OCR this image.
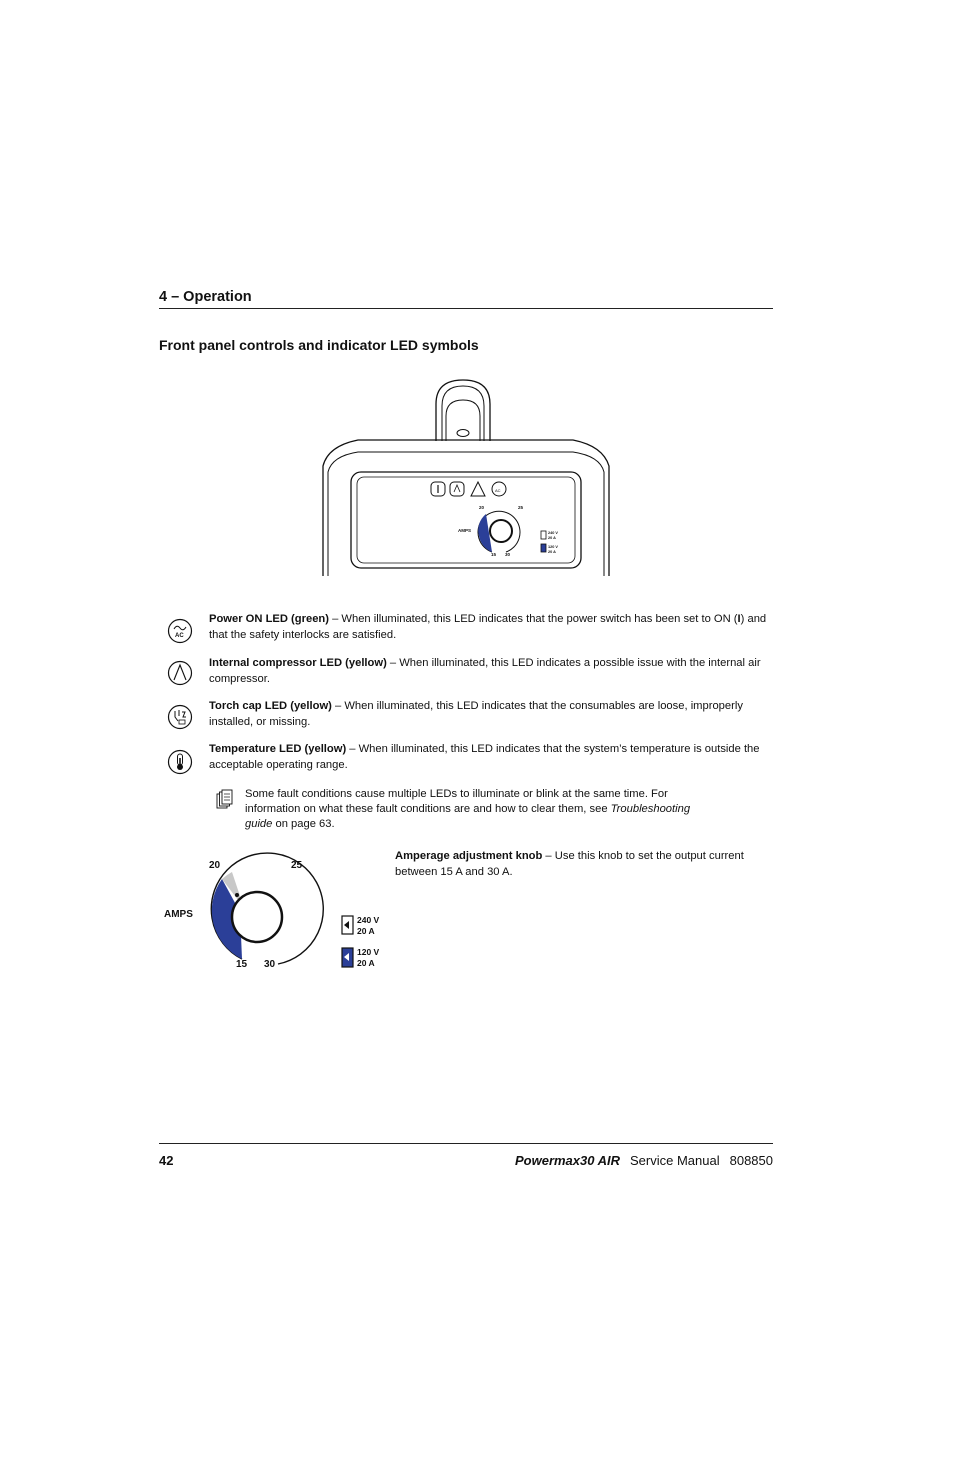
4 – Operation
Front panel controls and indicator LED symbols
AC
20	25
AMPS
15 30
240 V
20 A
120 V
20 A
AC
Power ON LED (green) – When illuminated, this LED indicates that the power switch has been set to ON (I) and that the safety interlocks are satisfied.
Internal compressor LED (yellow) – When illuminated, this LED indicates a possible issue with the internal air compressor.
Torch cap LED (yellow) – When illuminated, this LED indicates that the consumables are loose, improperly installed, or missing.
Temperature LED (yellow) – When illuminated, this LED indicates that the system’s temperature is outside the acceptable operating range.
Some fault conditions cause multiple LEDs to illuminate or blink at the same time. For information on what these fault conditions are and how to clear them, see Troubleshooting guide on page 63.
20	25
AMPS
15 30
240 V
20 A
120 V
20 A
Amperage adjustment knob – Use this knob to set the output current between 15 A and 30 A.
42	Powermax30 AIR Service Manual 808850
